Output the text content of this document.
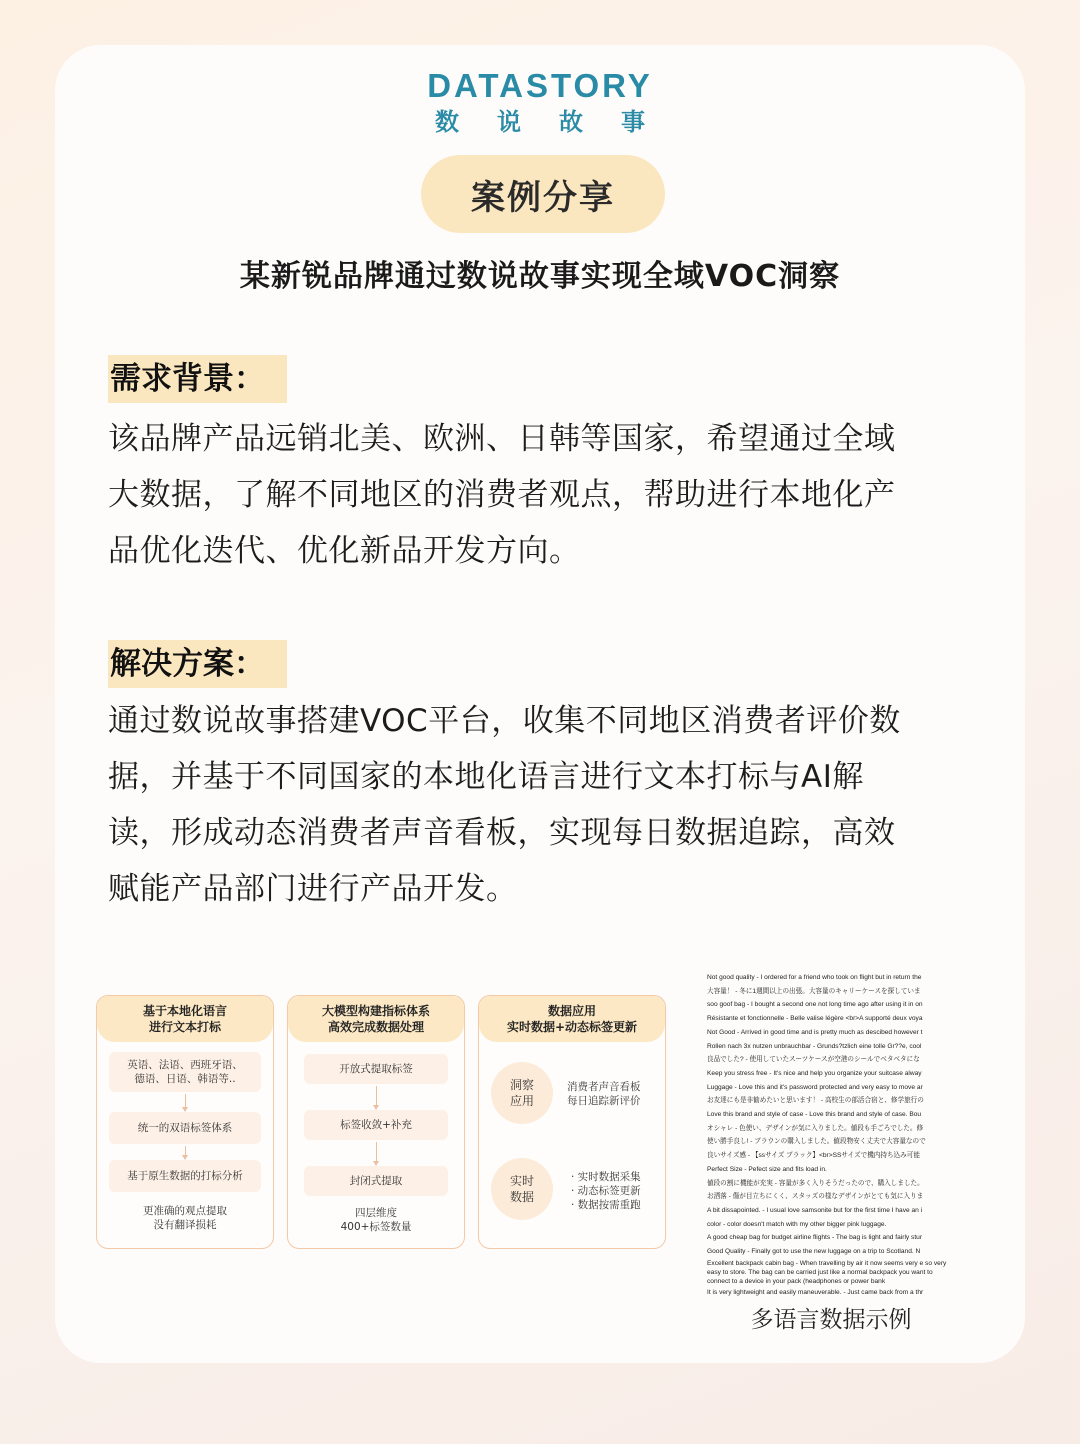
DATASTORY
数说故事
案例分享
某新锐品牌通过数说故事实现全域VOC洞察
需求背景：
该品牌产品远销北美、欧洲、日韩等国家，希望通过全域
大数据，了解不同地区的消费者观点，帮助进行本地化产
品优化迭代、优化新品开发方向。
解决方案：
通过数说故事搭建VOC平台，收集不同地区消费者评价数
据，并基于不同国家的本地化语言进行文本打标与AI解
读，形成动态消费者声音看板，实现每日数据追踪，高效
赋能产品部门进行产品开发。
基于本地化语言
进行文本打标
英语、法语、西班牙语、
德语、日语、韩语等..
统一的双语标签体系
基于原生数据的打标分析
更准确的观点提取
没有翻译损耗
大模型构建指标体系
高效完成数据处理
开放式提取标签
标签收敛+补充
封闭式提取
四层维度
400+标签数量
数据应用
实时数据+动态标签更新
洞察
应用
消费者声音看板
每日追踪新评价
实时
数据
· 实时数据采集
· 动态标签更新
· 数据按需重跑
Not good quality - I ordered for a friend who took on flight but in return the
大容量！ - 冬に1週間以上の出張。大容量のキャリーケースを探していま
soo goof bag - I bought a second one not long time ago after using it in on
Résistante et fonctionnelle - Belle valise légère <br>A supporté deux voya
Not Good - Arrived in good time and is pretty much as descibed however t
Rollen nach 3x nutzen unbrauchbar - Grunds?tzlich eine tolle Gr??e, cool
良品でした? - 使用していたスーツケースが空港のシールでベタベタにな
Keep you stress free - It's nice and help you organize your suitcase alway
Luggage - Love this and it's password protected and very easy to move ar
お友達にも是非勧めたいと思います！ - 高校生の部活合宿と、修学旅行の
Love this brand and style of case - Love this brand and style of case. Bou
オシャレ - 色使い、デザインが気に入りました。値段も手ごろでした。修
使い勝手良し! - ブラウンの購入しました。値段物安く丈夫で大容量なので
良いサイズ感 - 【ssサイズ ブラック】<br>SSサイズで機内持ち込み可能
Perfect Size - Pefect size and fits load in.
値段の割に機能が充実 - 容量が多く入りそうだったので、購入しました。
お洒落 - 傷が目立ちにくく、スタッズの様なデザインがとても気に入りま
A bit dissapointed. - I usual love samsonite but for the first time I have an i
color - color doesn't match with my other bigger pink luggage.
A good cheap bag for budget airline flights - The bag is light and fairly stur
Good Quality - Finally got to use the new luggage on a trip to Scotland. N
Excellent backpack cabin bag - When travelling by air it now seems very e so very easy to store. The bag can be carried just like a normal backpack you want to connect to a device in your pack (headphones or power bank
It is very lightweight and easily maneuverable. - Just came back from a thr
多语言数据示例
